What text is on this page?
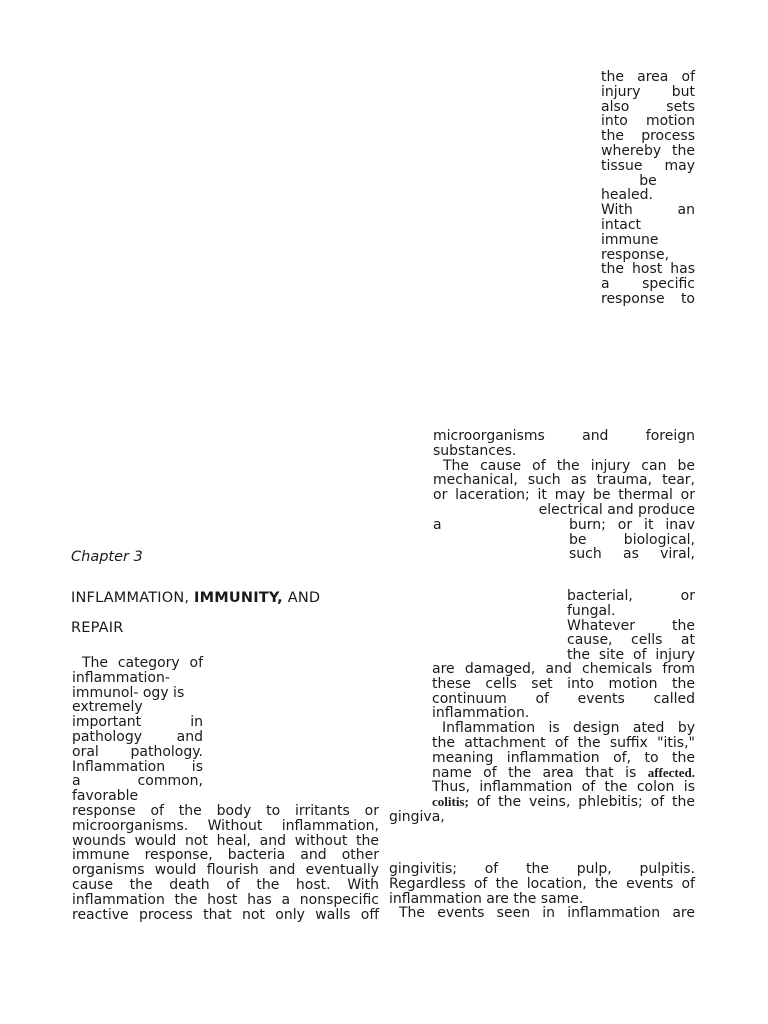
the area of
injury but
also sets
into motion
the process
whereby the
tissue may
be
healed.
With an
intact
immune
response,
the host has
a specific
response to
microorganisms and foreign
substances.
The cause of the injury can be
mechanical, such as trauma, tear,
or laceration; it may be thermal or
electrical and produce
a	burn; or it inav
be biological,
such as viral,
Chapter 3
INFLAMMATION, IMMUNITY, AND
REPAIR
bacterial, or
fungal.
Whatever the
cause, cells at
the site of injury
The category of
inflammation-
immunol- ogy is
extremely
important in
pathology and
oral pathology.
Inflammation is
a common,
favorable
are damaged, and chemicals from
these cells set into motion the
continuum of events called
inflammation.
Inflammation is design ated by
the attachment of the suffix "itis,"
meaning inflammation of, to the
name of the area that is affected.
Thus, inflammation of the colon is
colitis; of the veins, phlebitis; of the
gingiva,
response of the body to irritants or
microorganisms. Without inflammation,
wounds would not heal, and without the
immune response, bacteria and other
organisms would flourish and eventually
cause the death of the host. With
inflammation the host has a nonspecific
reactive process that not only walls off
gingivitis; of the pulp, pulpitis.
Regardless of the location, the events of
inflammation are the same.
The events seen in inflammation are
